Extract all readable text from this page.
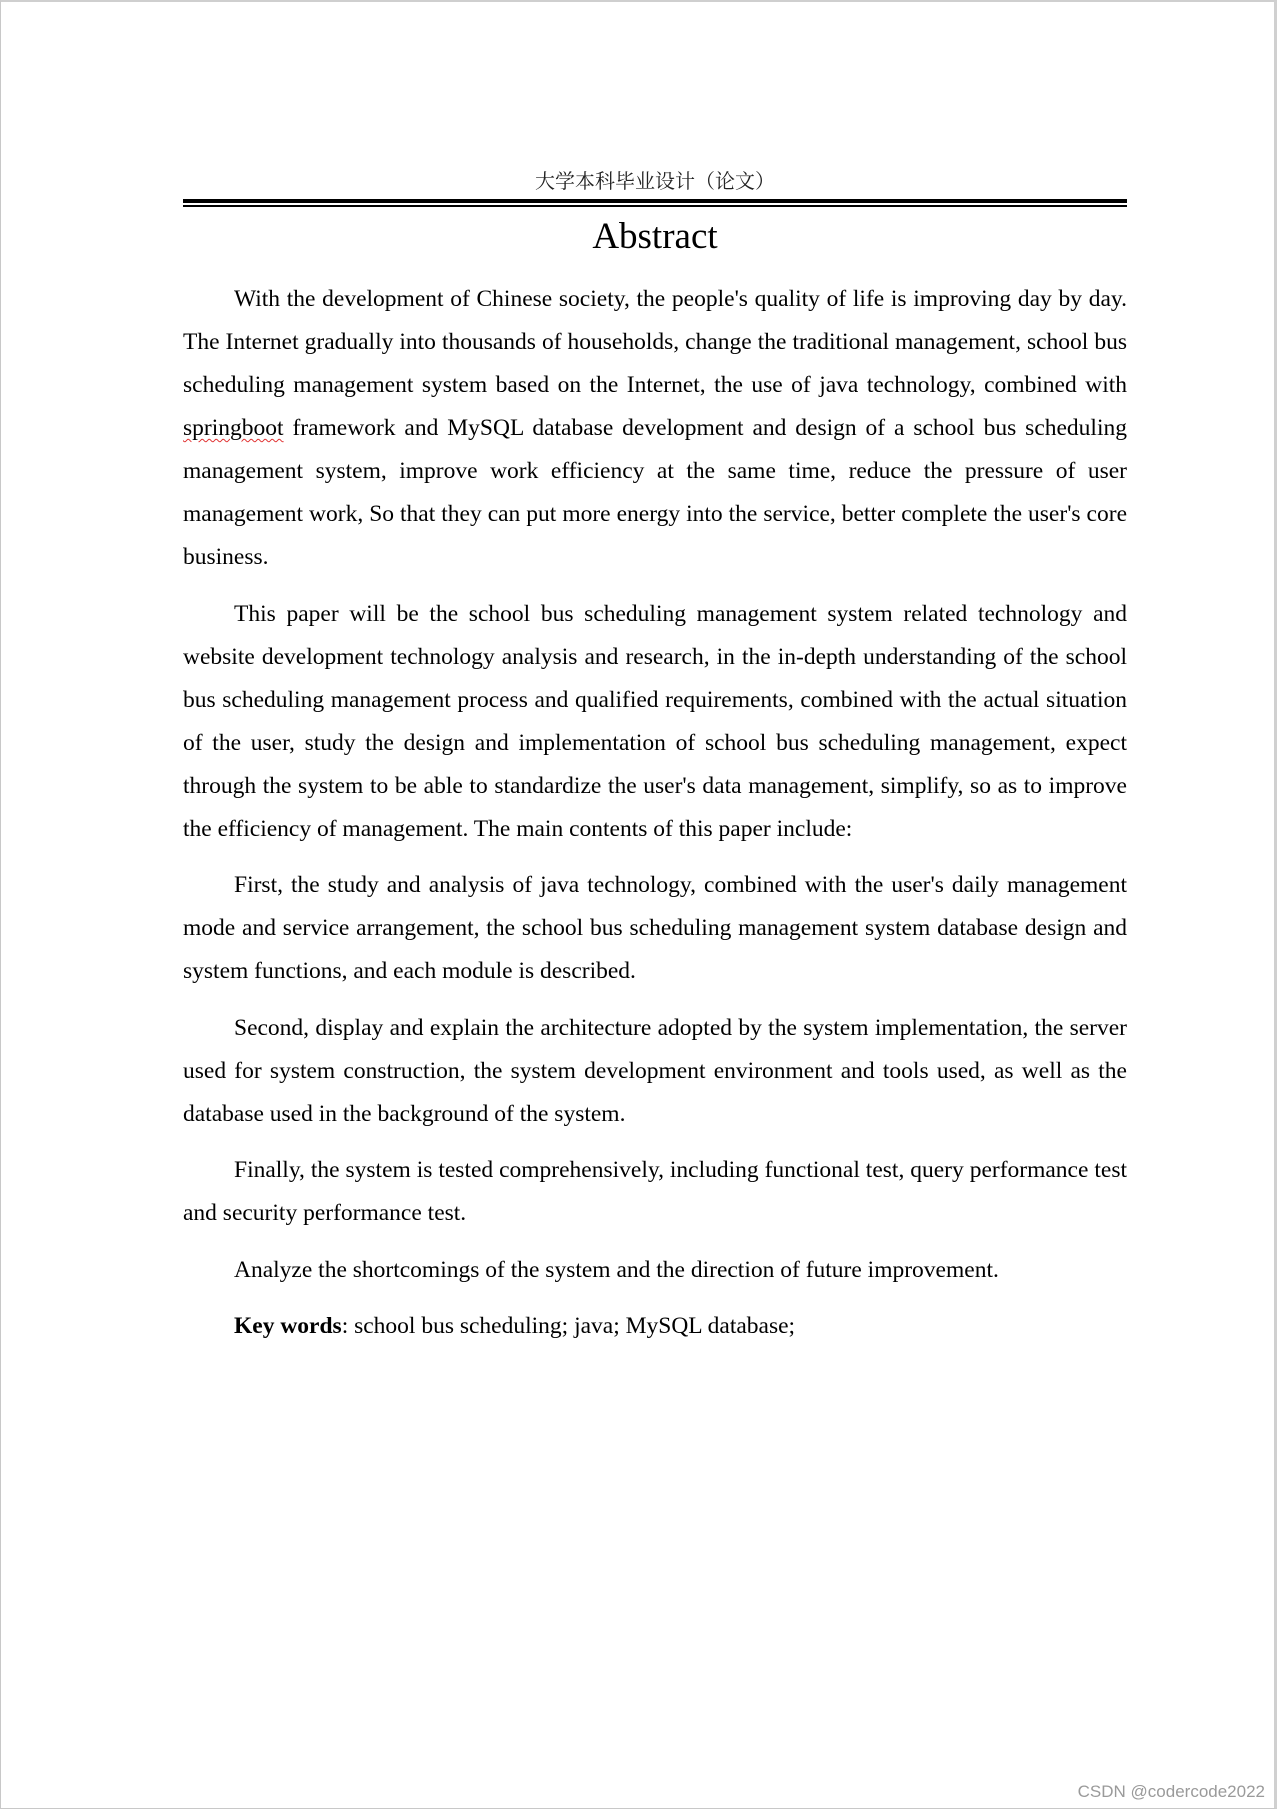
大学本科毕业设计（论文）
Abstract

With the development of Chinese society, the people's quality of life is improving day by day. The Internet gradually into thousands of households, change the traditional management, school bus scheduling management system based on the Internet, the use of java technology, combined with springboot framework and MySQL database development and design of a school bus scheduling management system, improve work efficiency at the same time, reduce the pressure of user management work, So that they can put more energy into the service, better complete the user's core business.

This paper will be the school bus scheduling management system related technology and website development technology analysis and research, in the in-depth understanding of the school bus scheduling management process and qualified requirements, combined with the actual situation of the user, study the design and implementation of school bus scheduling management, expect through the system to be able to standardize the user's data management, simplify, so as to improve the efficiency of management. The main contents of this paper include:

First, the study and analysis of java technology, combined with the user's daily management mode and service arrangement, the school bus scheduling management system database design and system functions, and each module is described.

Second, display and explain the architecture adopted by the system implementation, the server used for system construction, the system development environment and tools used, as well as the database used in the background of the system.

Finally, the system is tested comprehensively, including functional test, query performance test and security performance test.

Analyze the shortcomings of the system and the direction of future improvement.

Key words: school bus scheduling; java; MySQL database;

CSDN @codercode2022
